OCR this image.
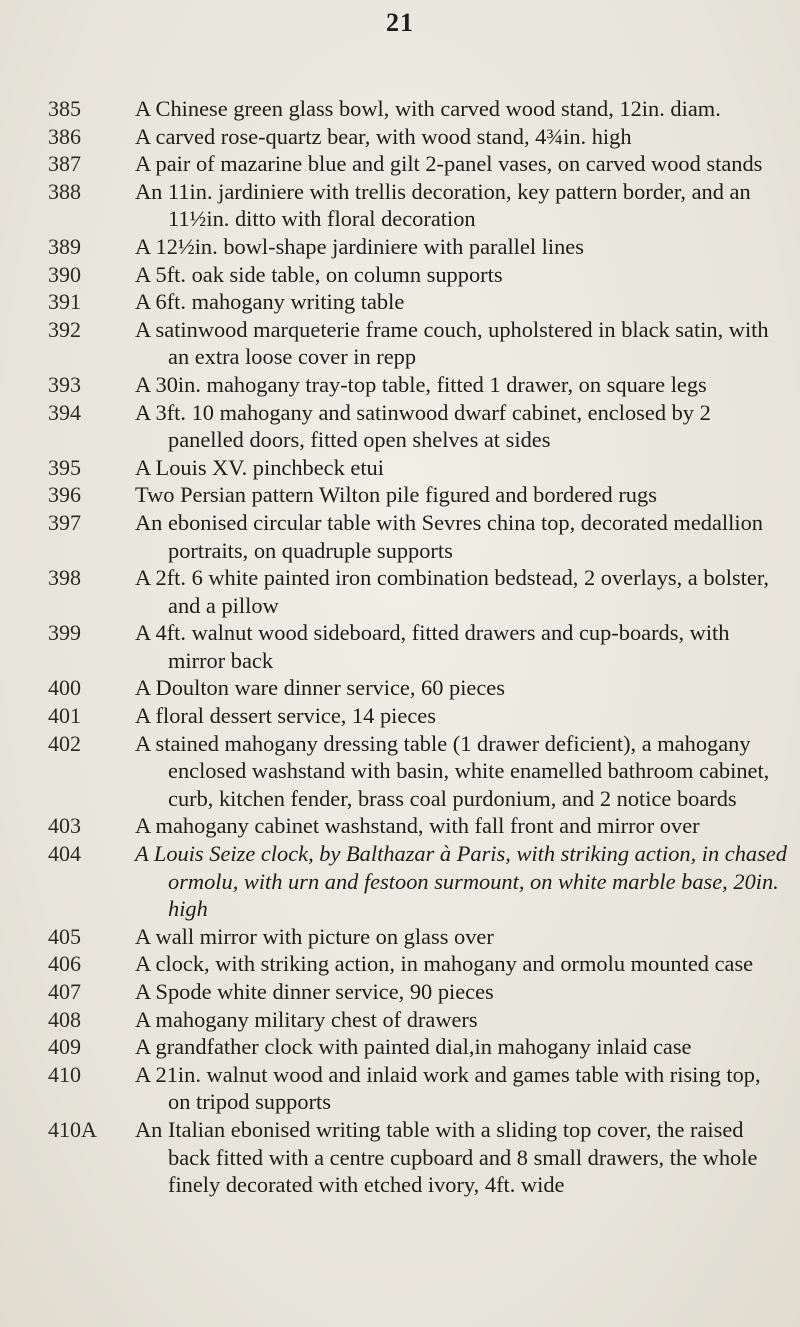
21
385	A Chinese green glass bowl, with carved wood stand, 12in. diam.
386	A carved rose-quartz bear, with wood stand, 4¾in. high
387	A pair of mazarine blue and gilt 2-panel vases, on carved wood stands
388	An 11in. jardiniere with trellis decoration, key pattern border, and an 11½in. ditto with floral decoration
389	A 12½in. bowl-shape jardiniere with parallel lines
390	A 5ft. oak side table, on column supports
391	A 6ft. mahogany writing table
392	A satinwood marqueterie frame couch, upholstered in black satin, with an extra loose cover in repp
393	A 30in. mahogany tray-top table, fitted 1 drawer, on square legs
394	A 3ft. 10 mahogany and satinwood dwarf cabinet, enclosed by 2 panelled doors, fitted open shelves at sides
395	A Louis XV. pinchbeck etui
396	Two Persian pattern Wilton pile figured and bordered rugs
397	An ebonised circular table with Sevres china top, decorated medallion portraits, on quadruple supports
398	A 2ft. 6 white painted iron combination bedstead, 2 overlays, a bolster, and a pillow
399	A 4ft. walnut wood sideboard, fitted drawers and cup-boards, with mirror back
400	A Doulton ware dinner service, 60 pieces
401	A floral dessert service, 14 pieces
402	A stained mahogany dressing table (1 drawer deficient), a mahogany enclosed washstand with basin, white enamelled bathroom cabinet, curb, kitchen fender, brass coal purdonium, and 2 notice boards
403	A mahogany cabinet washstand, with fall front and mirror over
404	A Louis Seize clock, by Balthazar à Paris, with striking action, in chased ormolu, with urn and festoon surmount, on white marble base, 20in. high
405	A wall mirror with picture on glass over
406	A clock, with striking action, in mahogany and ormolu mounted case
407	A Spode white dinner service, 90 pieces
408	A mahogany military chest of drawers
409	A grandfather clock with painted dial,in mahogany inlaid case
410	A 21in. walnut wood and inlaid work and games table with rising top, on tripod supports
410A	An Italian ebonised writing table with a sliding top cover, the raised back fitted with a centre cupboard and 8 small drawers, the whole finely decorated with etched ivory, 4ft. wide
